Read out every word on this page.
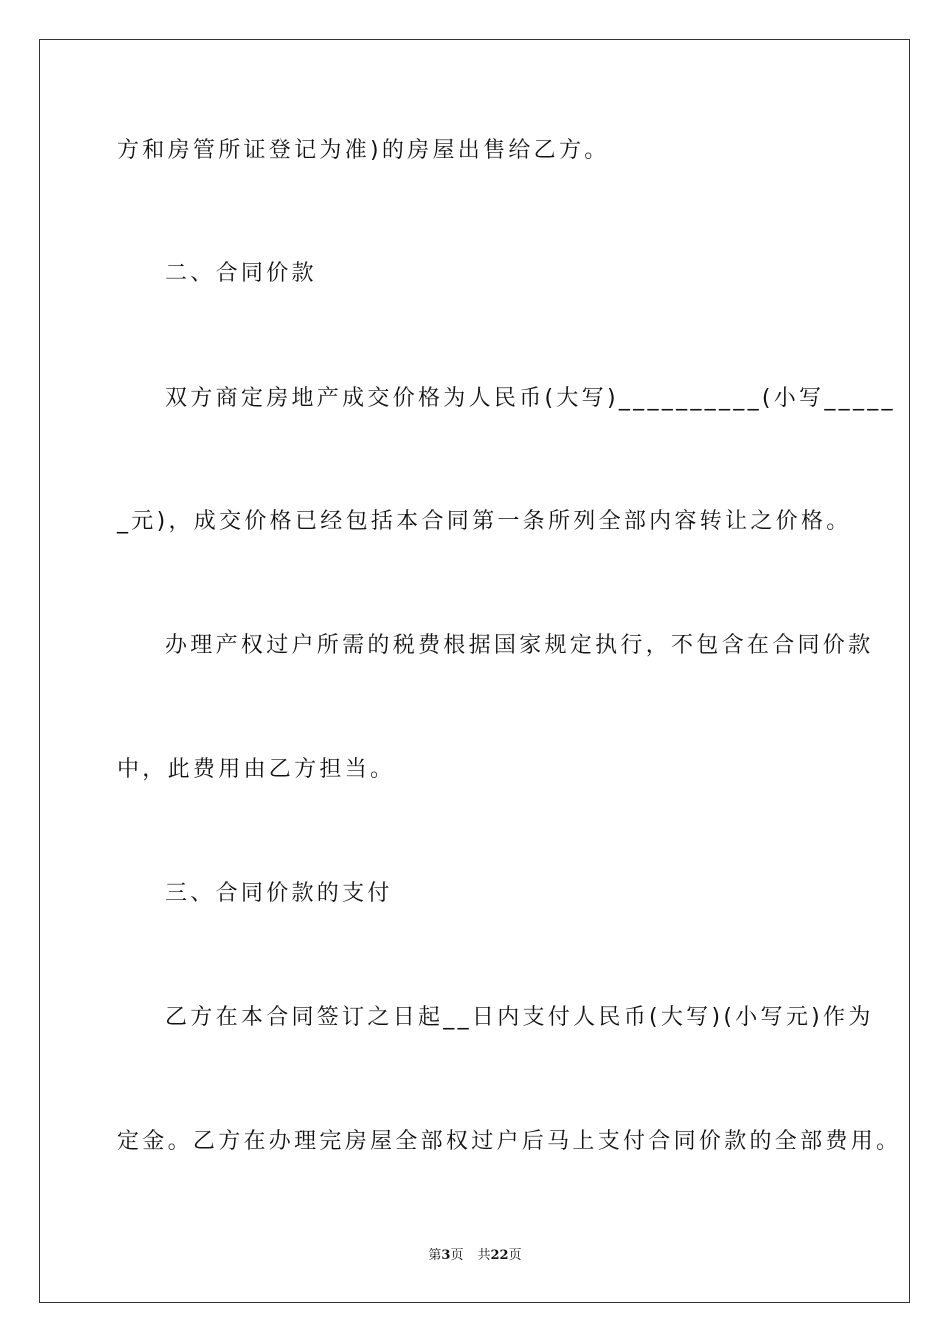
方和房管所证登记为准)的房屋出售给乙方。
二、合同价款
双方商定房地产成交价格为人民币(大写)__________(小写_____
_元)，成交价格已经包括本合同第一条所列全部内容转让之价格。
办理产权过户所需的税费根据国家规定执行，不包含在合同价款
中，此费用由乙方担当。
三、合同价款的支付
乙方在本合同签订之日起__日内支付人民币(大写)(小写元)作为
定金。乙方在办理完房屋全部权过户后马上支付合同价款的全部费用。
第3页 共22页
